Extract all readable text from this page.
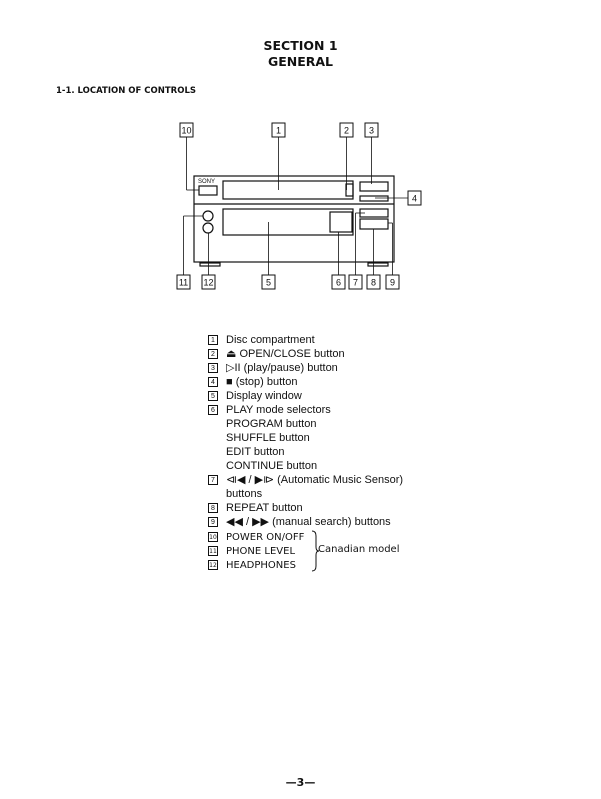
SECTION 1
GENERAL
1-1. LOCATION OF CONTROLS
10	1	2 3
4
11 12	5	6 7 8 9
SONY
1 Disc compartment
2 ⏏ OPEN/CLOSE button
3 ▷II (play/pause) button
4 ■ (stop) button
5 Display window
6 PLAY mode selectors
PROGRAM button
SHUFFLE button
EDIT button
CONTINUE button
7 ⧏◀ / ▶⧐ (Automatic Music Sensor)
buttons
8 REPEAT button
9 ◀◀ / ▶▶ (manual search) buttons
10 POWER ON/OFF
11 PHONE LEVEL
12 HEADPHONES
Canadian model
—3—
